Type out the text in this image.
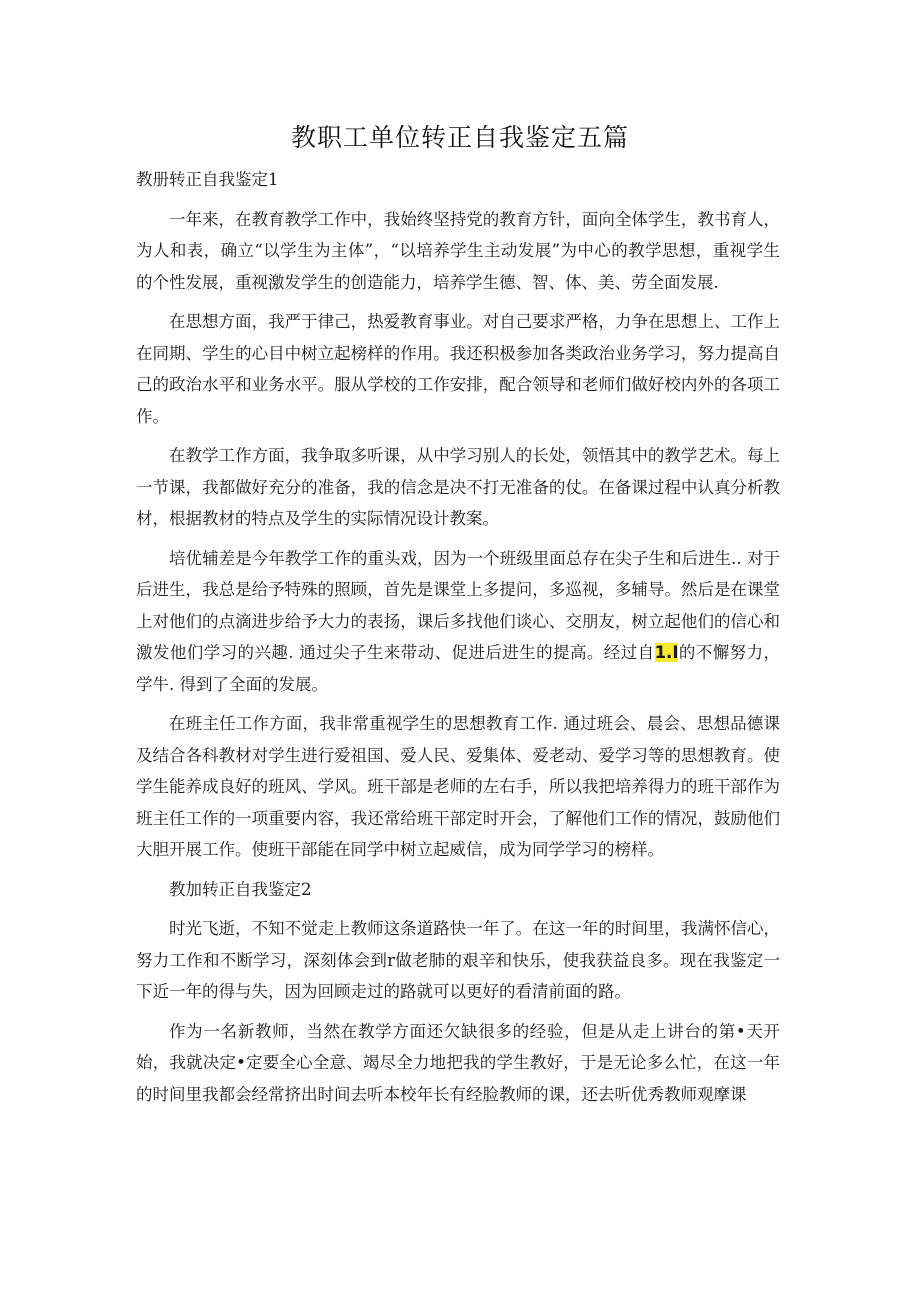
教职工单位转正自我鉴定五篇
教册转正自我鉴定1

一年来，在教育教学工作中，我始终坚持党的教育方针，面向全体学生，教书育人，为人和表，确立“以学生为主体”，“以培养学生主动发展”为中心的教学思想，重视学生的个性发展，重视激发学生的创造能力，培养学生德、智、体、美、劳全面发展.

在思想方面，我严于律己，热爱教育事业。对自己要求严格，力争在思想上、工作上在同期、学生的心目中树立起榜样的作用。我还积极参加各类政治业务学习，努力提高自己的政治水平和业务水平。服从学校的工作安排，配合领导和老师们做好校内外的各项工作。

在教学工作方面，我争取多听课，从中学习别人的长处，领悟其中的教学艺术。每上一节课，我都做好充分的准备，我的信念是决不打无准备的仗。在备课过程中认真分析教材，根据教材的特点及学生的实际情况设计教案。

培优辅差是今年教学工作的重头戏，因为一个班级里面总存在尖子生和后进生.. 对于后进生，我总是给予特殊的照顾，首先是课堂上多提问，多巡视，多辅导。然后是在课堂上对他们的点滴进步给予大力的表扬，课后多找他们谈心、交朋友，树立起他们的信心和激发他们学习的兴趣. 通过尖子生来带动、促进后进生的提高。经过自1.I的不懈努力，学牛. 得到了全面的发展。

在班主任工作方面，我非常重视学生的思想教育工作. 通过班会、晨会、思想品德课及结合各科教材对学生进行爱祖国、爱人民、爱集体、爱老动、爱学习等的思想教育。使学生能养成良好的班风、学风。班干部是老师的左右手，所以我把培养得力的班干部作为班主任工作的一项重要内容，我还常给班干部定时开会，了解他们工作的情况，鼓励他们大胆开展工作。使班干部能在同学中树立起威信，成为同学学习的榜样。

教加转正自我鉴定2

时光飞逝，不知不觉走上教师这条道路快一年了。在这一年的时间里，我满怀信心，努力工作和不断学习，深刻体会到r做老肺的艰辛和快乐，使我获益良多。现在我鉴定一下近一年的得与失，因为回顾走过的路就可以更好的看清前面的路。

作为一名新教师，当然在教学方面还欠缺很多的经验，但是从走上讲台的第•天开始，我就决定•定要全心全意、竭尽全力地把我的学生教好，于是无论多么忙，在这一年的时间里我都会经常挤出时间去听本校年长有经脸教师的课，还去听优秀教师观摩课
